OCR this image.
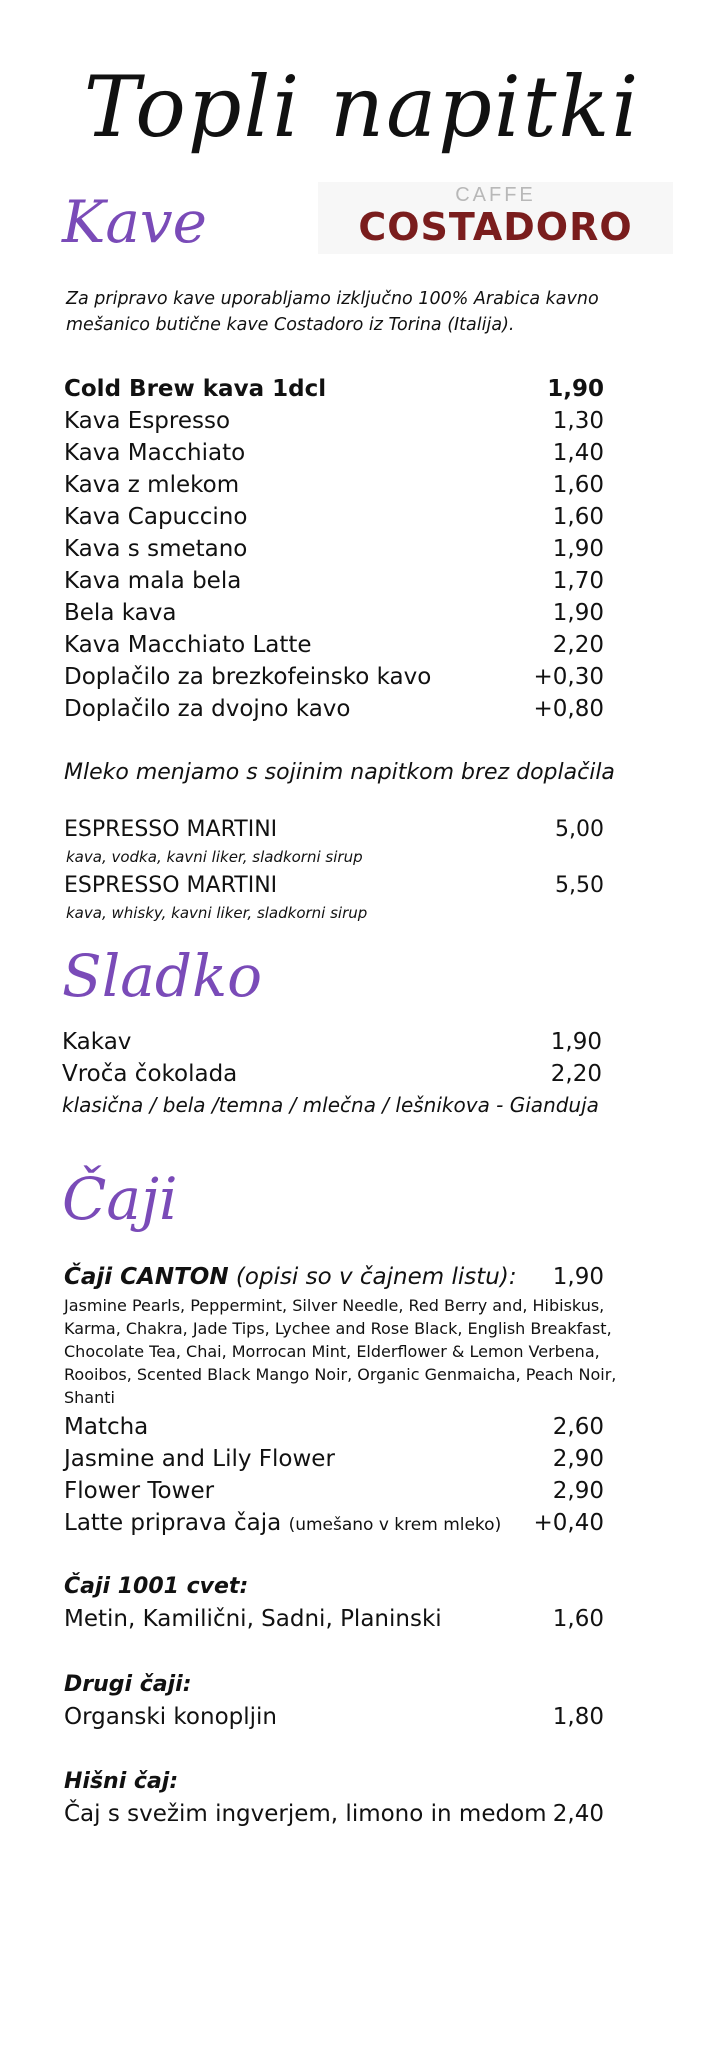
Topli napitki
Kave	CAFFE
COSTADORO
Za pripravo kave uporabljamo izključno 100% Arabica kavno mešanico butične kave Costadoro iz Torina (Italija).
Cold Brew kava 1dcl	1,90
Kava Espresso	1,30
Kava Macchiato	1,40
Kava z mlekom	1,60
Kava Capuccino	1,60
Kava s smetano	1,90
Kava mala bela	1,70
Bela kava	1,90
Kava Macchiato Latte	2,20
Doplačilo za brezkofeinsko kavo	+0,30
Doplačilo za dvojno kavo	+0,80
Mleko menjamo s sojinim napitkom brez doplačila
ESPRESSO MARTINI	5,00
kava, vodka, kavni liker, sladkorni sirup
ESPRESSO MARTINI	5,50
kava, whisky, kavni liker, sladkorni sirup
Sladko
Kakav	1,90
Vroča čokolada	2,20
klasična / bela /temna / mlečna / lešnikova - Gianduja
Čaji
Čaji CANTON (opisi so v čajnem listu): 1,90
Jasmine Pearls, Peppermint, Silver Needle, Red Berry and, Hibiskus, Karma, Chakra, Jade Tips, Lychee and Rose Black, English Breakfast, Chocolate Tea, Chai, Morrocan Mint, Elderflower & Lemon Verbena, Rooibos, Scented Black Mango Noir, Organic Genmaicha, Peach Noir, Shanti
Matcha	2,60
Jasmine and Lily Flower	2,90
Flower Tower	2,90
Latte priprava čaja (umešano v krem mleko) +0,40
Čaji 1001 cvet:
Metin, Kamilični, Sadni, Planinski	1,60
Drugi čaji:
Organski konopljin	1,80
Hišni čaj:
Čaj s svežim ingverjem, limono in medom 2,40
